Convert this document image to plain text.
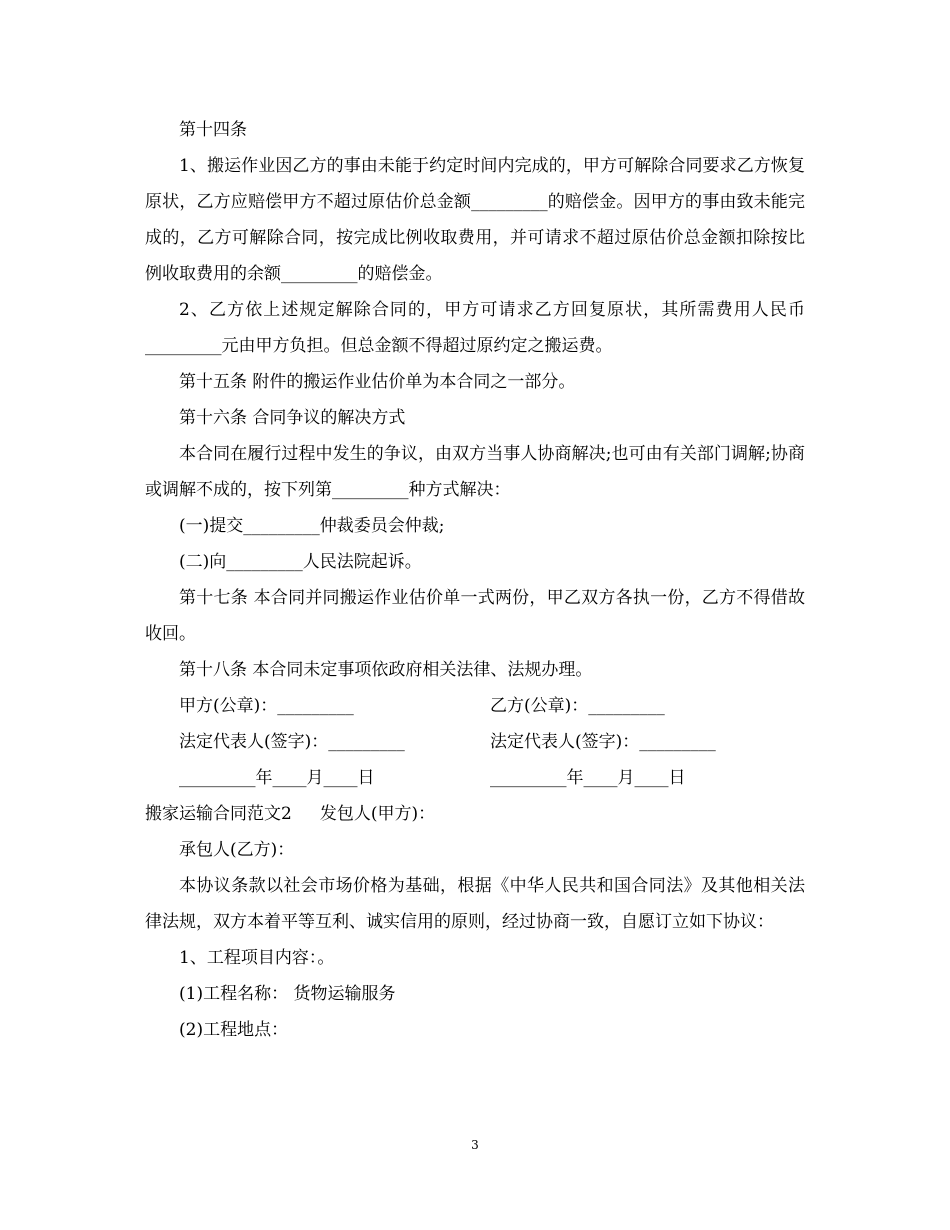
第十四条

1、搬运作业因乙方的事由未能于约定时间内完成的，甲方可解除合同要求乙方恢复原状，乙方应赔偿甲方不超过原估价总金额_________的赔偿金。因甲方的事由致未能完成的，乙方可解除合同，按完成比例收取费用，并可请求不超过原估价总金额扣除按比例收取费用的余额_________的赔偿金。

2、乙方依上述规定解除合同的，甲方可请求乙方回复原状，其所需费用人民币_________元由甲方负担。但总金额不得超过原约定之搬运费。

第十五条 附件的搬运作业估价单为本合同之一部分。

第十六条 合同争议的解决方式

本合同在履行过程中发生的争议，由双方当事人协商解决;也可由有关部门调解;协商或调解不成的，按下列第_________种方式解决：

(一)提交_________仲裁委员会仲裁;

(二)向_________人民法院起诉。

第十七条 本合同并同搬运作业估价单一式两份，甲乙双方各执一份，乙方不得借故收回。

第十八条 本合同未定事项依政府相关法律、法规办理。

甲方(公章)：_________	乙方(公章)：_________
法定代表人(签字)：_________	法定代表人(签字)：_________
_________年____月____日	_________年____月____日
搬家运输合同范文2 发包人(甲方)：

承包人(乙方)：

本协议条款以社会市场价格为基础，根据《中华人民共和国合同法》及其他相关法律法规，双方本着平等互利、诚实信用的原则，经过协商一致，自愿订立如下协议：

1、工程项目内容：。

(1)工程名称： 货物运输服务

(2)工程地点：

3
